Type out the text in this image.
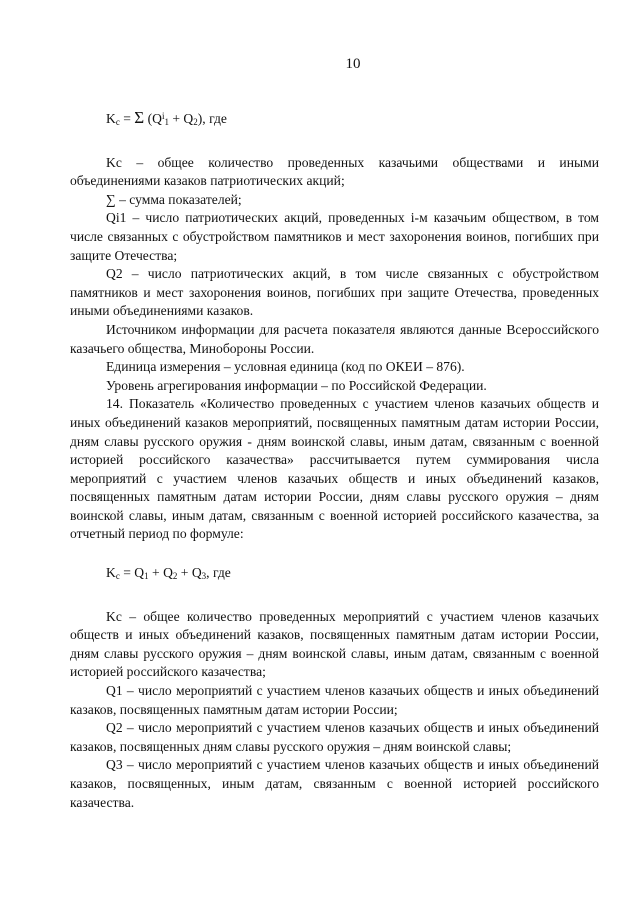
10
$K_с = \Sigma$ $(Q^i_1 + Q_2)$, где

Kс – общее количество проведенных казачьими обществами и иными объединениями казаков патриотических акций;

∑ – сумма показателей;

Qi1 – число патриотических акций, проведенных i-м казачьим обществом, в том числе связанных с обустройством памятников и мест захоронения воинов, погибших при защите Отечества;

Q2 – число патриотических акций, в том числе связанных с обустройством памятников и мест захоронения воинов, погибших при защите Отечества, проведенных иными объединениями казаков.

Источником информации для расчета показателя являются данные Всероссийского казачьего общества, Минобороны России.

Единица измерения – условная единица (код по ОКЕИ – 876).

Уровень агрегирования информации – по Российской Федерации.

14. Показатель «Количество проведенных с участием членов казачьих обществ и иных объединений казаков мероприятий, посвященных памятным датам истории России, дням славы русского оружия - дням воинской славы, иным датам, связанным с военной историей российского казачества» рассчитывается путем суммирования числа мероприятий с участием членов казачьих обществ и иных объединений казаков, посвященных памятным датам истории России, дням славы русского оружия – дням воинской славы, иным датам, связанным с военной историей российского казачества, за отчетный период по формуле:

$K_с = Q_1 + Q_2 + Q_3$, где

Kс – общее количество проведенных мероприятий с участием членов казачьих обществ и иных объединений казаков, посвященных памятным датам истории России, дням славы русского оружия – дням воинской славы, иным датам, связанным с военной историей российского казачества;

Q1 – число мероприятий с участием членов казачьих обществ и иных объединений казаков, посвященных памятным датам истории России;

Q2 – число мероприятий с участием членов казачьих обществ и иных объединений казаков, посвященных дням славы русского оружия – дням воинской славы;

Q3 – число мероприятий с участием членов казачьих обществ и иных объединений казаков, посвященных, иным датам, связанным с военной историей российского казачества.
